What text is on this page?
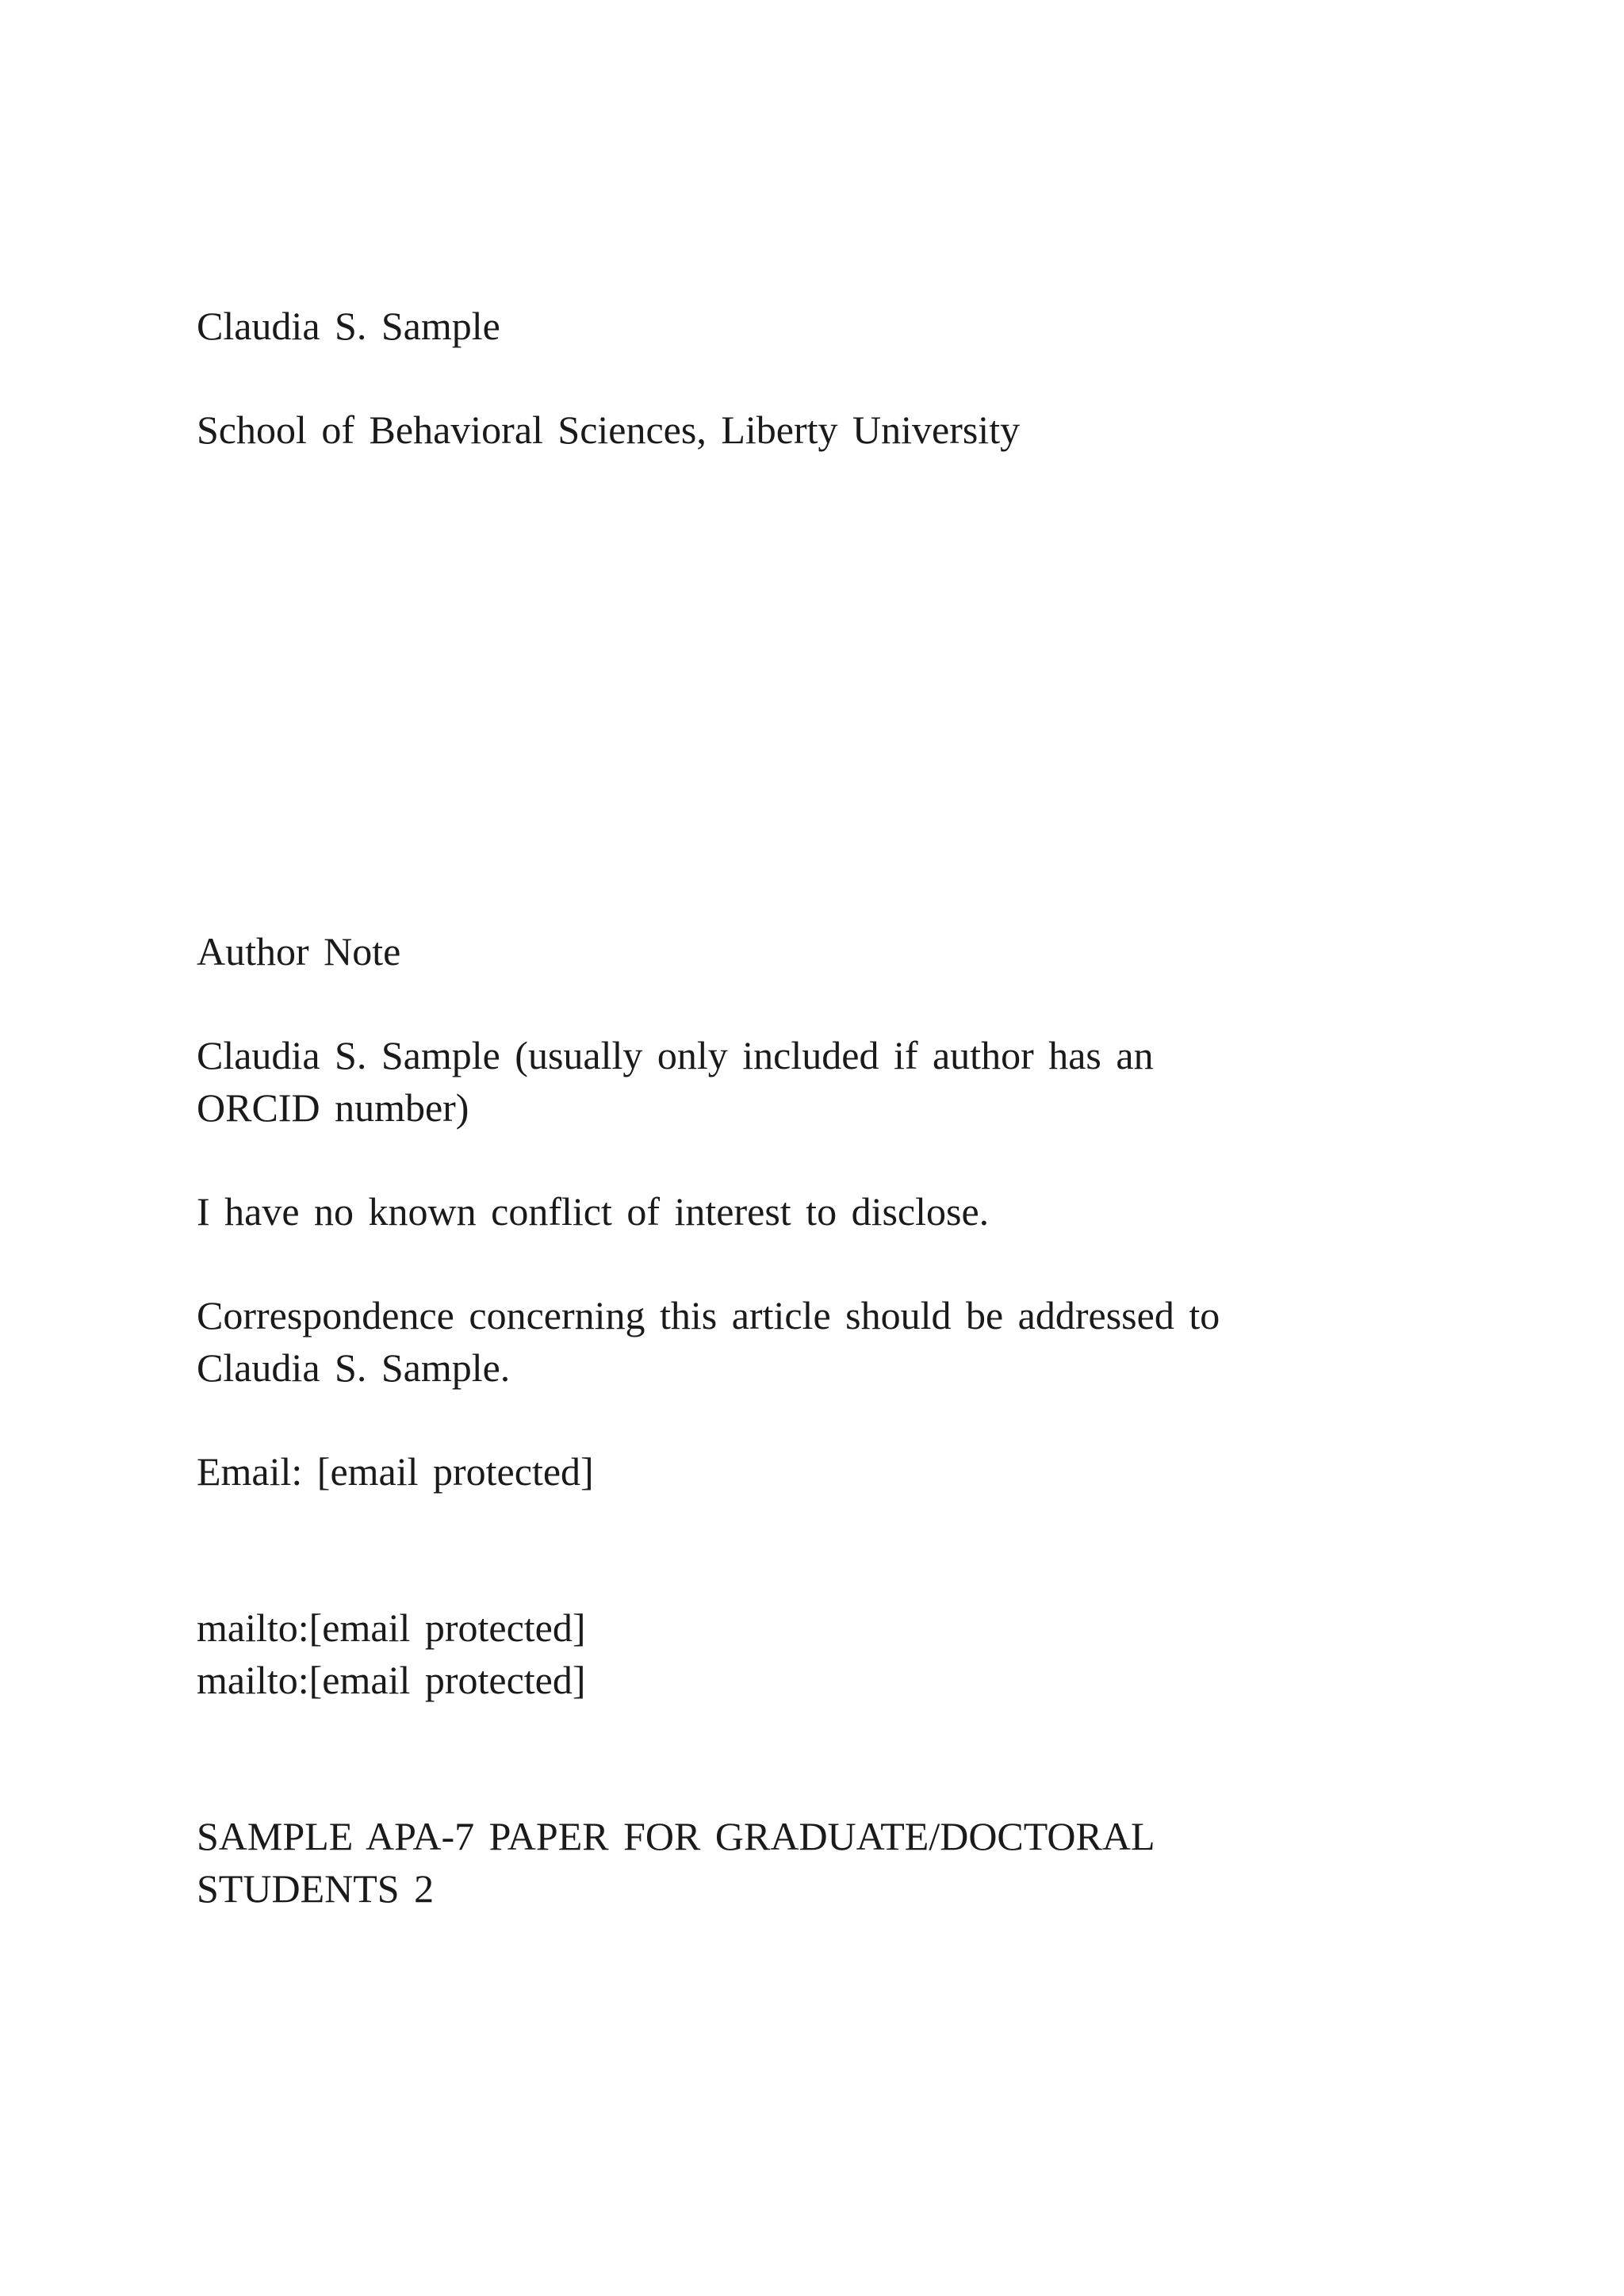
Claudia S. Sample
School of Behavioral Sciences, Liberty University
Author Note
Claudia S. Sample (usually only included if author has an
ORCID number)
I have no known conflict of interest to disclose.
Correspondence concerning this article should be addressed to
Claudia S. Sample.
Email: [email protected]
mailto:[email protected]
mailto:[email protected]
SAMPLE APA-7 PAPER FOR GRADUATE/DOCTORAL
STUDENTS 2
